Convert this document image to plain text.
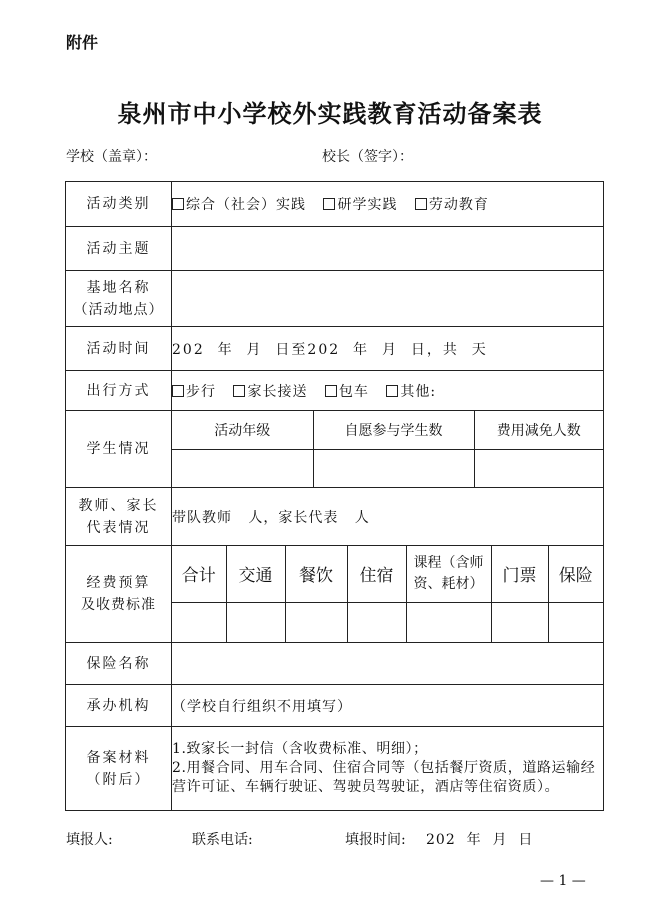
附件
泉州市中小学校外实践教育活动备案表
学校（盖章）：	校长（签字）：
活动类别	综合（社会）实践 研学实践 劳动教育
活动主题	

基地名称
（活动地点）

活动时间	202  年  月  日至202  年  月  日，共  天
出行方式	步行 家长接送 包车 其他:
学生情况	
活动年级	自愿参与学生数	费用减免人数

教师、家长
代表情况
	带队教师   人，家长代表   人

经费预算
及收费标准

合计	交通	餐饮	住宿	课程（含师资、耗材）	门票	保险

保险名称	
承办机构	（学校自行组织不用填写）

备案材料
（附后）

1.致家长一封信（含收费标准、明细）；
2.用餐合同、用车合同、住宿合同等（包括餐厅资质，道路运输经营许可证、车辆行驶证、驾驶员驾驶证，酒店等住宿资质）。
填报人:	联系电话:	填报时间: 202  年  月  日
— 1 —
